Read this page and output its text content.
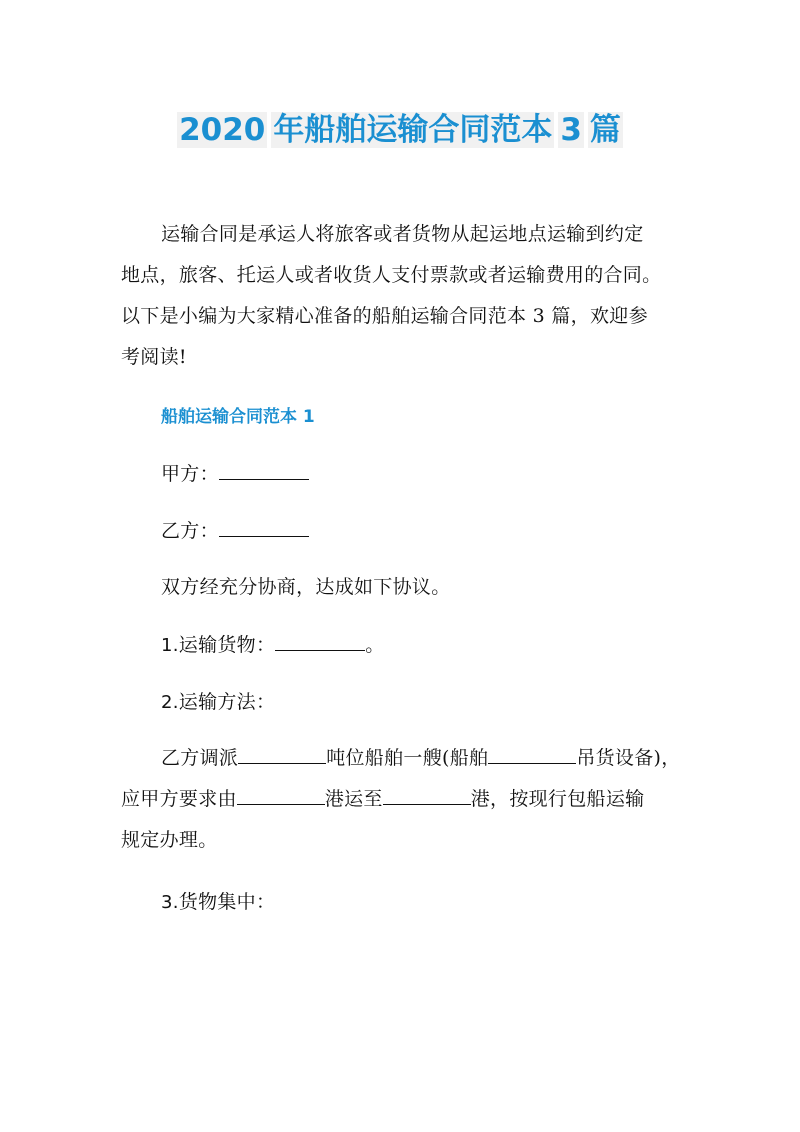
2020 年船舶运输合同范本 3 篇
运输合同是承运人将旅客或者货物从起运地点运输到约定
地点，旅客、托运人或者收货人支付票款或者运输费用的合同。
以下是小编为大家精心准备的船舶运输合同范本 3 篇，欢迎参
考阅读!
船舶运输合同范本 1
甲方：
乙方：
双方经充分协商，达成如下协议。
1.运输货物：	。
2.运输方法：
乙方调派	吨位船舶一艘(船舶	吊货设备)，
应甲方要求由	港运至	港，按现行包船运输
规定办理。
3.货物集中：
